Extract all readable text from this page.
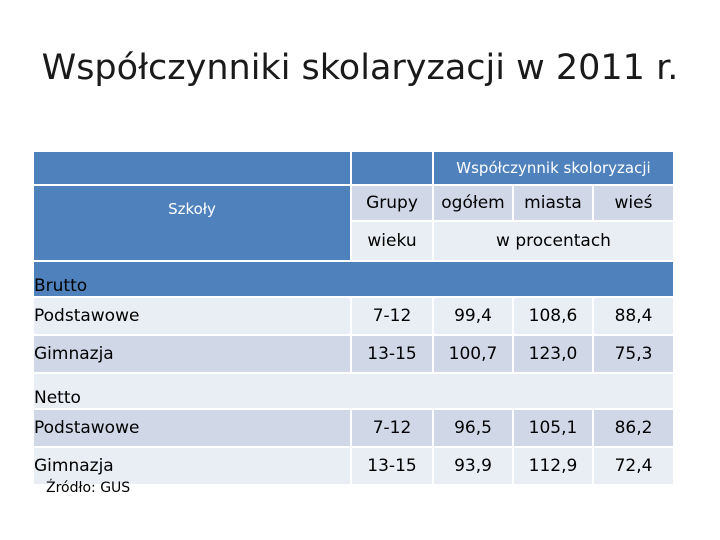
Współczynniki skolaryzacji w 2011 r.
		Współczynnik skoloryzacji		
Szkoły	Grupy	ogółem	miasta	wieś
	wieku	w procentach		
Brutto				
Podstawowe	7-12	99,4	108,6	88,4
Gimnazja	13-15	100,7	123,0	75,3
Netto				
Podstawowe	7-12	96,5	105,1	86,2
Gimnazja	13-15	93,9	112,9	72,4
Źródło: GUS
